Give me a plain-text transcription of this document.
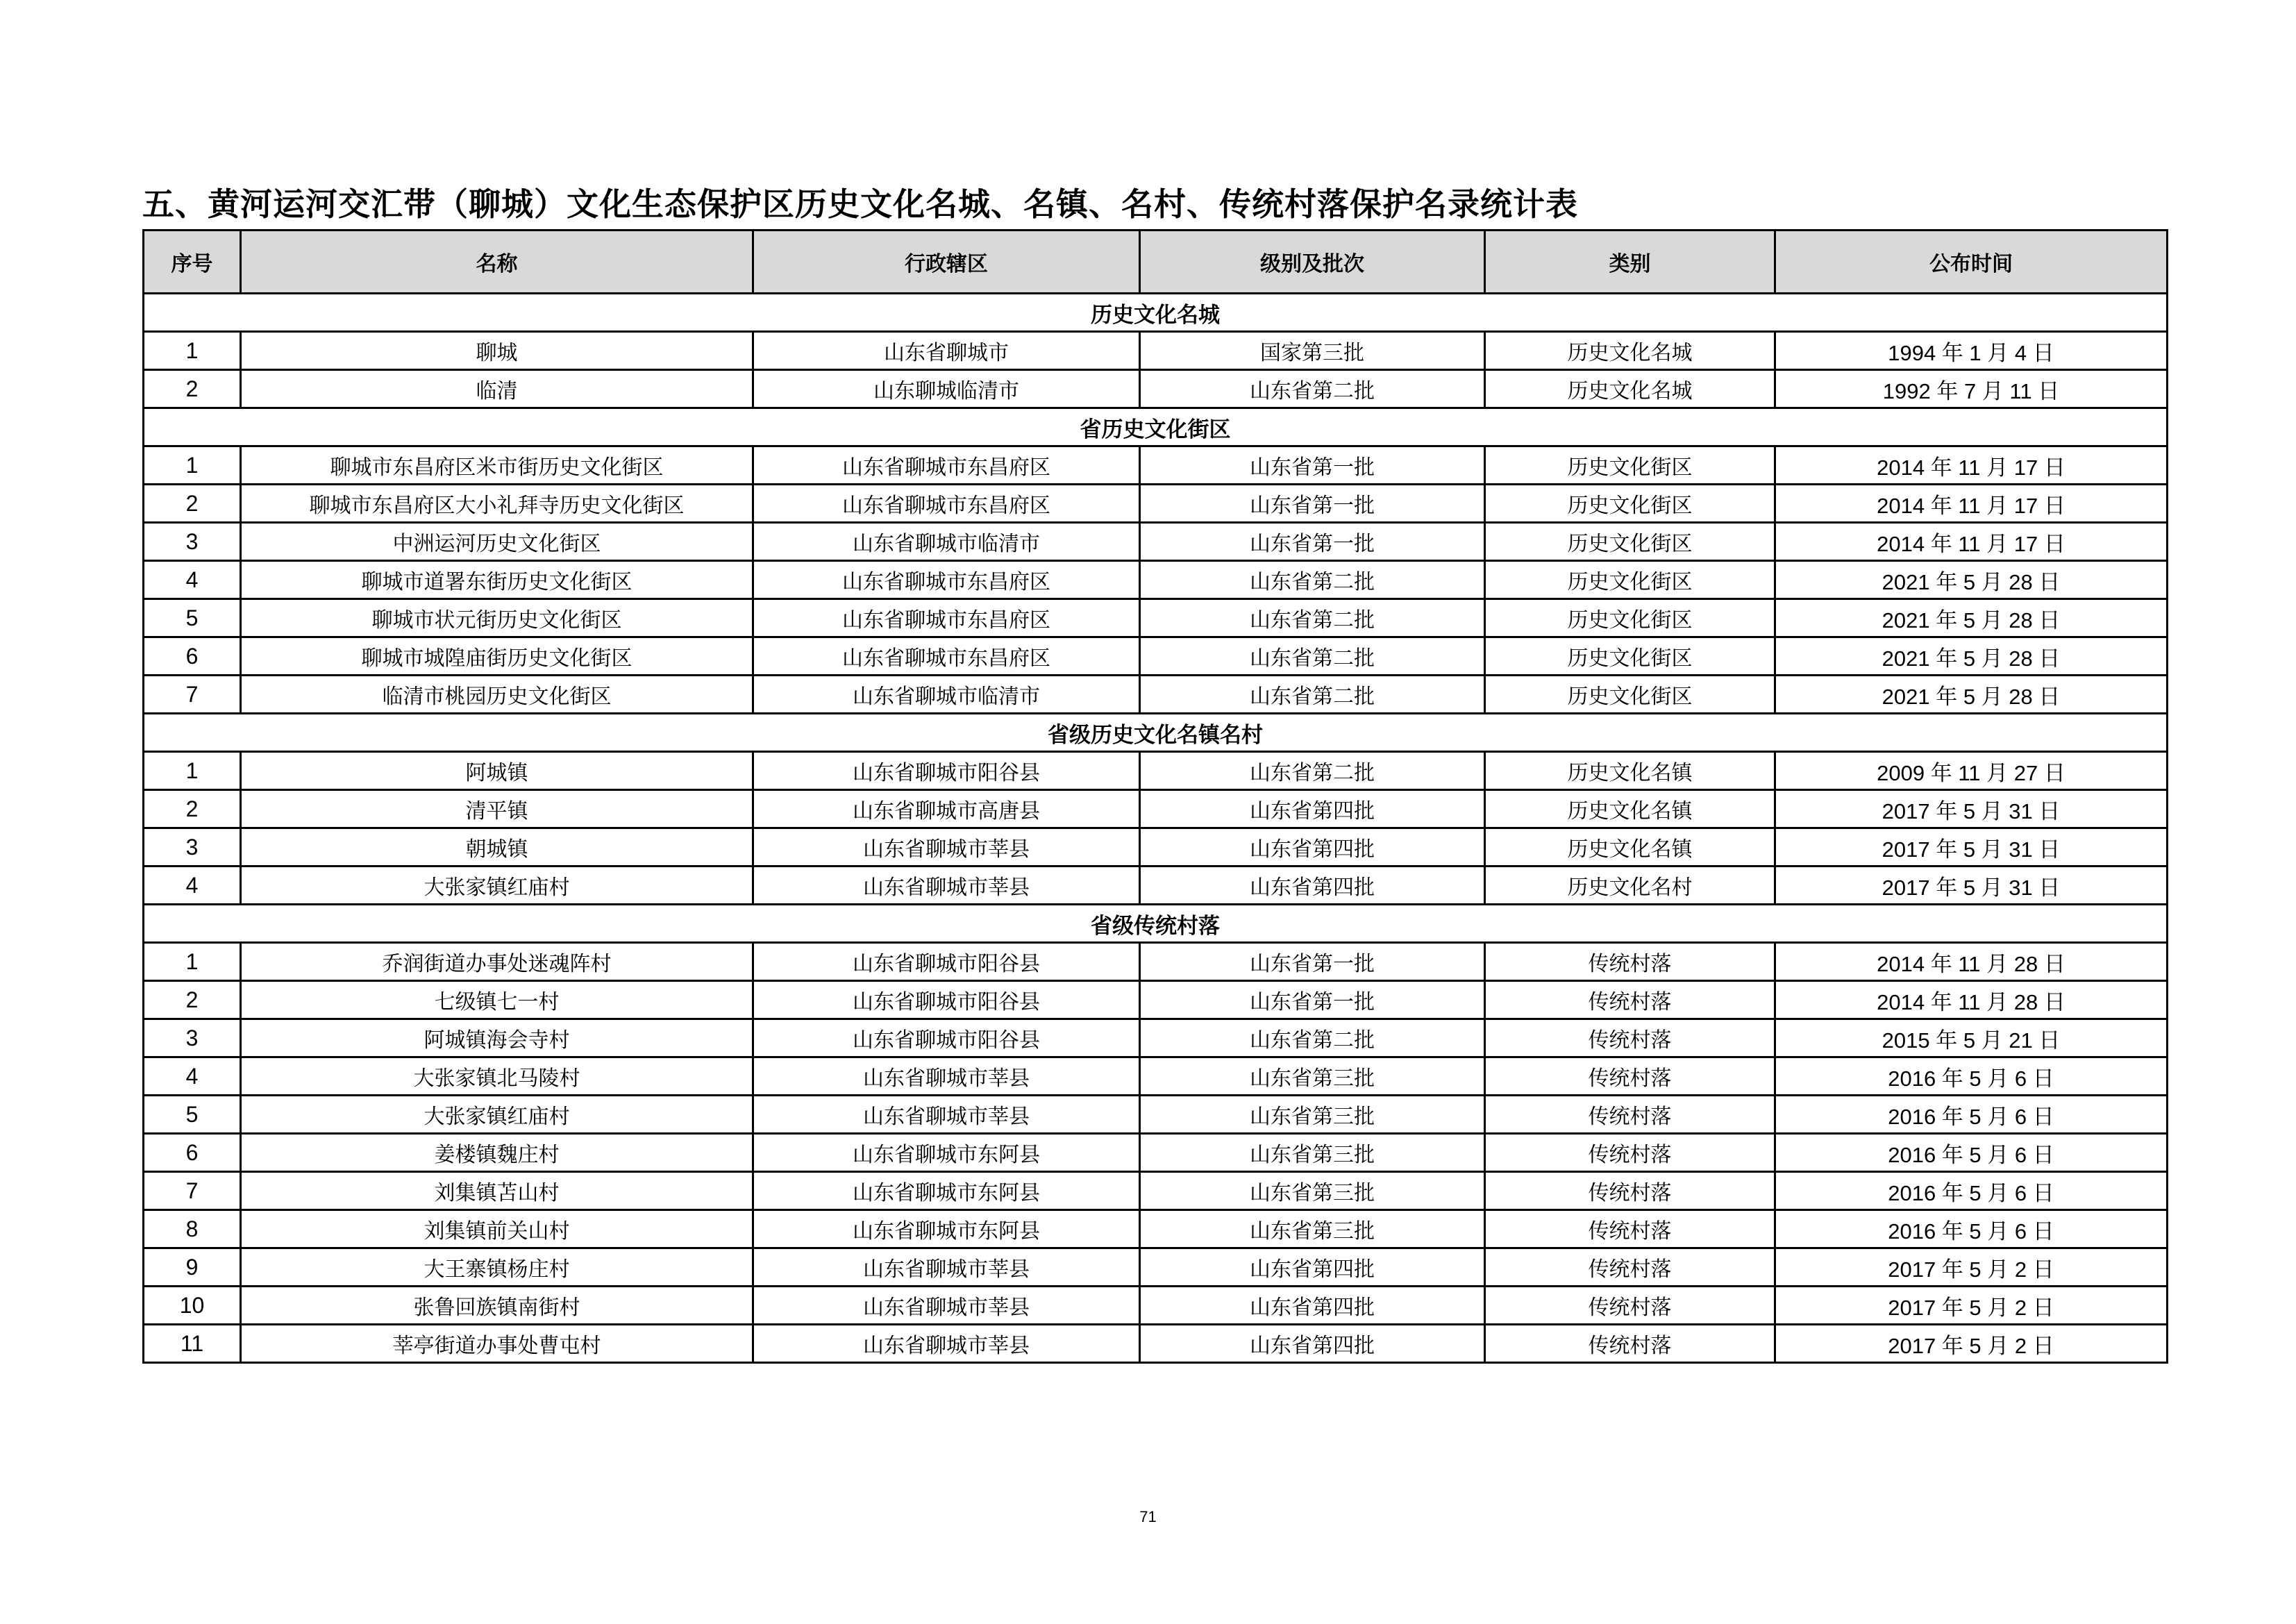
五、黄河运河交汇带（聊城）文化生态保护区历史文化名城、名镇、名村、传统村落保护名录统计表
序号	名称	行政辖区	级别及批次	类别	公布时间
历史文化名城					
1	聊城	山东省聊城市	国家第三批	历史文化名城	1994 年 1 月 4 日
2	临清	山东聊城临清市	山东省第二批	历史文化名城	1992 年 7 月 11 日
省历史文化街区					
1	聊城市东昌府区米市街历史文化街区	山东省聊城市东昌府区	山东省第一批	历史文化街区	2014 年 11 月 17 日
2	聊城市东昌府区大小礼拜寺历史文化街区	山东省聊城市东昌府区	山东省第一批	历史文化街区	2014 年 11 月 17 日
3	中洲运河历史文化街区	山东省聊城市临清市	山东省第一批	历史文化街区	2014 年 11 月 17 日
4	聊城市道署东街历史文化街区	山东省聊城市东昌府区	山东省第二批	历史文化街区	2021 年 5 月 28 日
5	聊城市状元街历史文化街区	山东省聊城市东昌府区	山东省第二批	历史文化街区	2021 年 5 月 28 日
6	聊城市城隍庙街历史文化街区	山东省聊城市东昌府区	山东省第二批	历史文化街区	2021 年 5 月 28 日
7	临清市桃园历史文化街区	山东省聊城市临清市	山东省第二批	历史文化街区	2021 年 5 月 28 日
省级历史文化名镇名村					
1	阿城镇	山东省聊城市阳谷县	山东省第二批	历史文化名镇	2009 年 11 月 27 日
2	清平镇	山东省聊城市高唐县	山东省第四批	历史文化名镇	2017 年 5 月 31 日
3	朝城镇	山东省聊城市莘县	山东省第四批	历史文化名镇	2017 年 5 月 31 日
4	大张家镇红庙村	山东省聊城市莘县	山东省第四批	历史文化名村	2017 年 5 月 31 日
省级传统村落					
1	乔润街道办事处迷魂阵村	山东省聊城市阳谷县	山东省第一批	传统村落	2014 年 11 月 28 日
2	七级镇七一村	山东省聊城市阳谷县	山东省第一批	传统村落	2014 年 11 月 28 日
3	阿城镇海会寺村	山东省聊城市阳谷县	山东省第二批	传统村落	2015 年 5 月 21 日
4	大张家镇北马陵村	山东省聊城市莘县	山东省第三批	传统村落	2016 年 5 月 6 日
5	大张家镇红庙村	山东省聊城市莘县	山东省第三批	传统村落	2016 年 5 月 6 日
6	姜楼镇魏庄村	山东省聊城市东阿县	山东省第三批	传统村落	2016 年 5 月 6 日
7	刘集镇苫山村	山东省聊城市东阿县	山东省第三批	传统村落	2016 年 5 月 6 日
8	刘集镇前关山村	山东省聊城市东阿县	山东省第三批	传统村落	2016 年 5 月 6 日
9	大王寨镇杨庄村	山东省聊城市莘县	山东省第四批	传统村落	2017 年 5 月 2 日
10	张鲁回族镇南街村	山东省聊城市莘县	山东省第四批	传统村落	2017 年 5 月 2 日
11	莘亭街道办事处曹屯村	山东省聊城市莘县	山东省第四批	传统村落	2017 年 5 月 2 日
71
